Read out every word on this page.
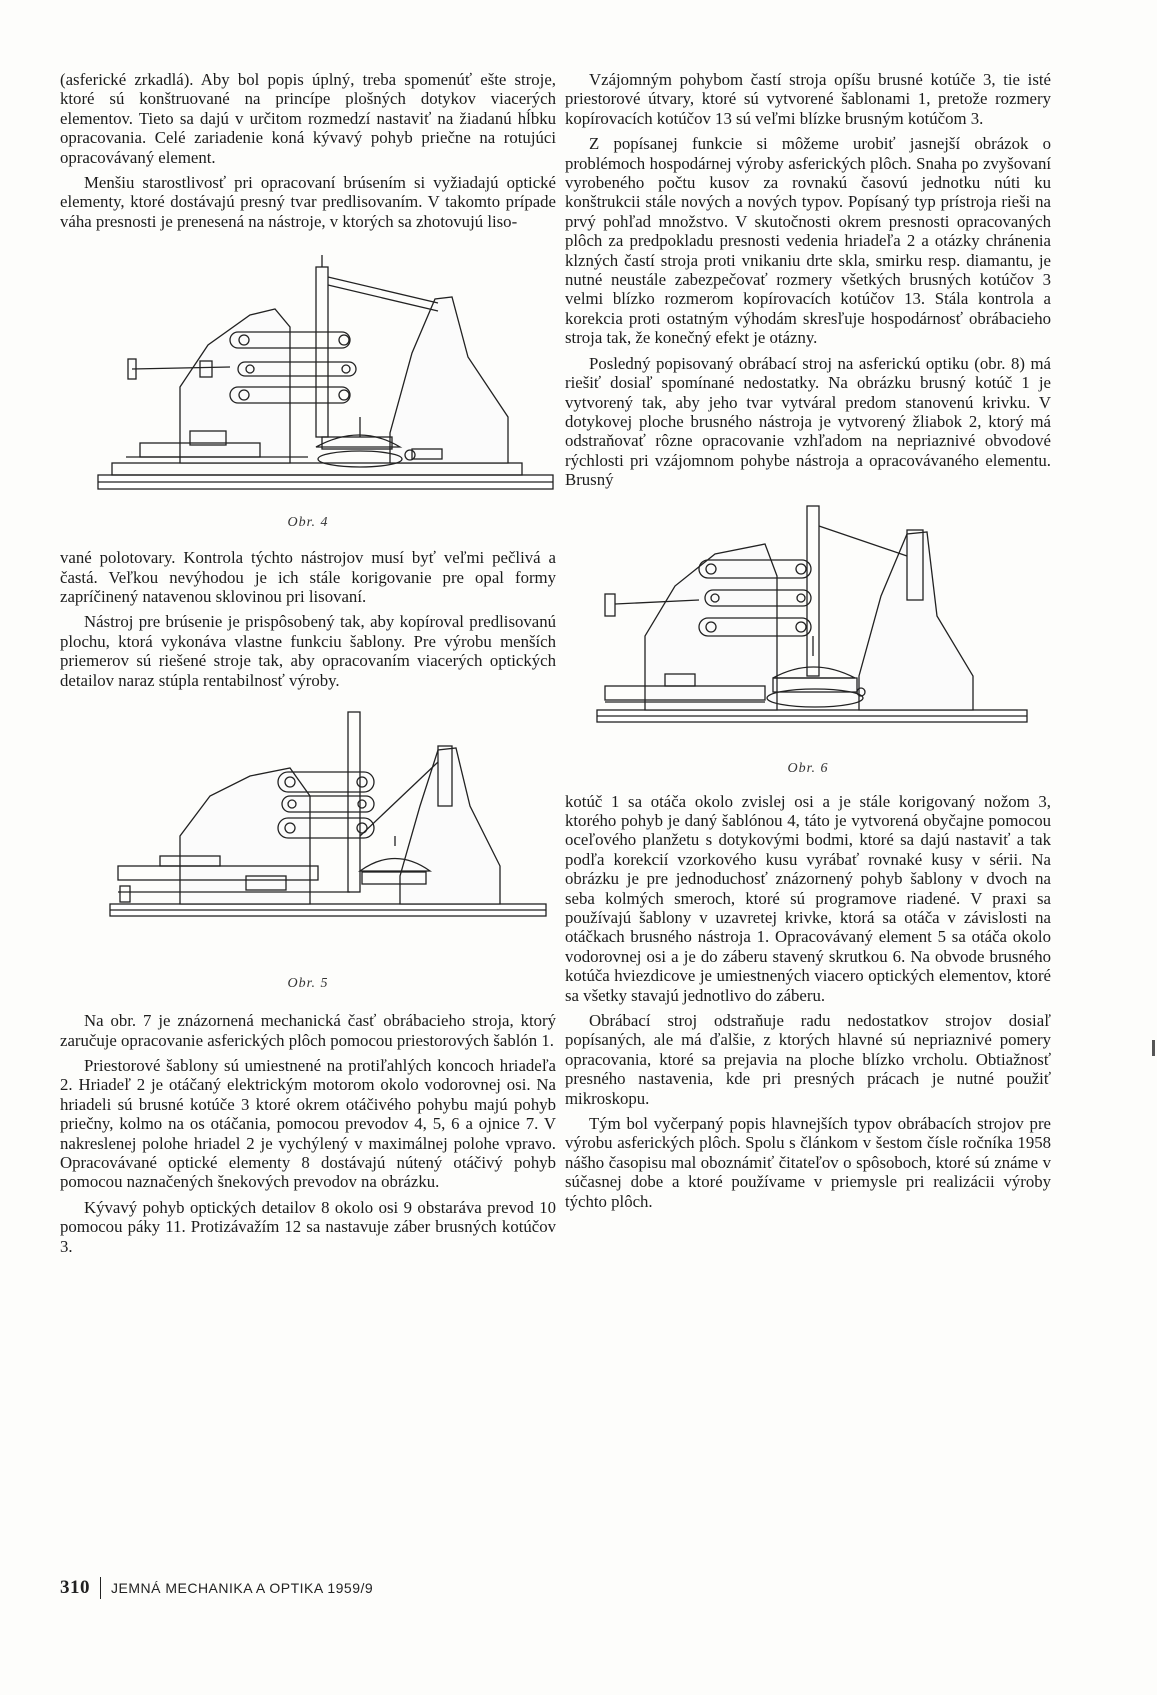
(asferické zrkadlá). Aby bol popis úplný, treba spomenúť ešte stroje, ktoré sú konštruované na princípe plošných dotykov viacerých elementov. Tieto sa dajú v určitom rozmedzí nastaviť na žiadanú hĺbku opracovania. Celé zariadenie koná kývavý pohyb priečne na rotujúci opracovávaný element.

Menšiu starostlivosť pri opracovaní brúsením si vyžiadajú optické elementy, ktoré dostávajú presný tvar predlisovaním. V takomto prípade váha presnosti je prenesená na nástroje, v ktorých sa zhotovujú liso-

Obr. 4

vané polotovary. Kontrola týchto nástrojov musí byť veľmi pečlivá a častá. Veľkou nevýhodou je ich stále korigovanie pre opal formy zapríčinený natavenou sklovinou pri lisovaní.

Nástroj pre brúsenie je prispôsobený tak, aby kopíroval predlisovanú plochu, ktorá vykonáva vlastne funkciu šablony. Pre výrobu menších priemerov sú riešené stroje tak, aby opracovaním viacerých optických detailov naraz stúpla rentabilnosť výroby.

Obr. 5

Na obr. 7 je znázornená mechanická časť obrábacieho stroja, ktorý zaručuje opracovanie asferických plôch pomocou priestorových šablón 1.

Priestorové šablony sú umiestnené na protiľahlých koncoch hriadeľa 2. Hriadeľ 2 je otáčaný elektrickým motorom okolo vodorovnej osi. Na hriadeli sú brusné kotúče 3 ktoré okrem otáčivého pohybu majú pohyb priečny, kolmo na os otáčania, pomocou prevodov 4, 5, 6 a ojnice 7. V nakreslenej polohe hriadel 2 je vychýlený v maximálnej polohe vpravo. Opracovávané optické elementy 8 dostávajú nútený otáčivý pohyb pomocou naznačených šnekových prevodov na obrázku.

Kývavý pohyb optických detailov 8 okolo osi 9 obstaráva prevod 10 pomocou páky 11. Protizávažím 12 sa nastavuje záber brusných kotúčov 3.

Vzájomným pohybom častí stroja opíšu brusné kotúče 3, tie isté priestorové útvary, ktoré sú vytvorené šablonami 1, pretože rozmery kopírovacích kotúčov 13 sú veľmi blízke brusným kotúčom 3.

Z popísanej funkcie si môžeme urobiť jasnejší obrázok o problémoch hospodárnej výroby asferických plôch. Snaha po zvyšovaní vyrobeného počtu kusov za rovnakú časovú jednotku núti ku konštrukcii stále nových a nových typov. Popísaný typ prístroja rieši na prvý pohľad množstvo. V skutočnosti okrem presnosti opracovaných plôch za predpokladu presnosti vedenia hriadeľa 2 a otázky chránenia klzných častí stroja proti vnikaniu drte skla, smirku resp. diamantu, je nutné neustále zabezpečovať rozmery všetkých brusných kotúčov 3 velmi blízko rozmerom kopírovacích kotúčov 13. Stála kontrola a korekcia proti ostatným výhodám skresľuje hospodárnosť obrábacieho stroja tak, že konečný efekt je otázny.

Posledný popisovaný obrábací stroj na asferickú optiku (obr. 8) má riešiť dosiaľ spomínané nedostatky. Na obrázku brusný kotúč 1 je vytvorený tak, aby jeho tvar vytváral predom stanovenú krivku. V dotykovej ploche brusného nástroja je vytvorený žliabok 2, ktorý má odstraňovať rôzne opracovanie vzhľadom na nepriaznivé obvodové rýchlosti pri vzájomnom pohybe nástroja a opracovávaného elementu. Brusný

Obr. 6

kotúč 1 sa otáča okolo zvislej osi a je stále korigovaný nožom 3, ktorého pohyb je daný šablónou 4, táto je vytvorená obyčajne pomocou oceľového planžetu s dotykovými bodmi, ktoré sa dajú nastaviť a tak podľa korekcií vzorkového kusu vyrábať rovnaké kusy v sérii. Na obrázku je pre jednoduchosť znázornený pohyb šablony v dvoch na seba kolmých smeroch, ktoré sú programove riadené. V praxi sa používajú šablony v uzavretej krivke, ktorá sa otáča v závislosti na otáčkach brusného nástroja 1. Opracovávaný element 5 sa otáča okolo vodorovnej osi a je do záberu stavený skrutkou 6. Na obvode brusného kotúča hviezdicove je umiestnených viacero optických elementov, ktoré sa všetky stavajú jednotlivo do záberu.

Obrábací stroj odstraňuje radu nedostatkov strojov dosiaľ popísaných, ale má ďalšie, z ktorých hlavné sú nepriaznivé pomery opracovania, ktoré sa prejavia na ploche blízko vrcholu. Obtiažnosť presného nastavenia, kde pri presných prácach je nutné použiť mikroskopu.

Tým bol vyčerpaný popis hlavnejších typov obrábacích strojov pre výrobu asferických plôch. Spolu s článkom v šestom čísle ročníka 1958 nášho časopisu mal oboznámiť čitateľov o spôsoboch, ktoré sú známe v súčasnej dobe a ktoré používame v priemysle pri realizácii výroby týchto plôch.

310 JEMNÁ MECHANIKA A OPTIKA 1959/9
